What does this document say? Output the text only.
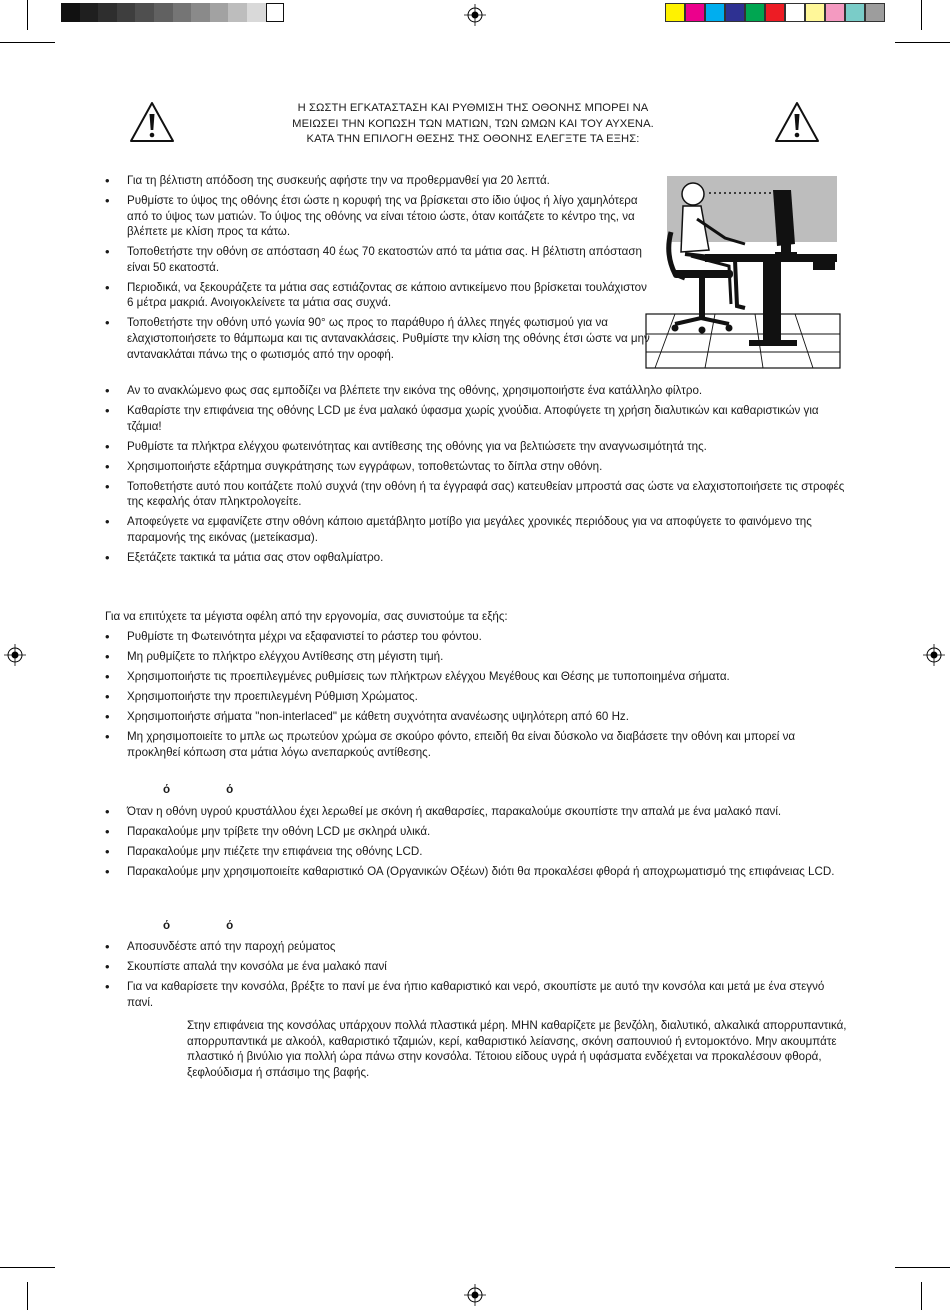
Η ΣΩΣΤΗ ΕΓΚΑΤΑΣΤΑΣΗ ΚΑΙ ΡΥΘΜΙΣΗ ΤΗΣ ΟΘΟΝΗΣ ΜΠΟΡΕΙ ΝΑ
ΜΕΙΩΣΕΙ ΤΗΝ ΚΟΠΩΣΗ ΤΩΝ ΜΑΤΙΩΝ, ΤΩΝ ΩΜΩΝ ΚΑΙ ΤΟΥ ΑΥΧΕΝΑ.
ΚΑΤΑ ΤΗΝ ΕΠΙΛΟΓΗ ΘΕΣΗΣ ΤΗΣ ΟΘΟΝΗΣ ΕΛΕΓΞΤΕ ΤΑ ΕΞΗΣ:
• Για τη βέλτιστη απόδοση της συσκευής αφήστε την να προθερμανθεί για 20 λεπτά.
• Ρυθμίστε το ύψος της οθόνης έτσι ώστε η κορυφή της να βρίσκεται στο ίδιο ύψος ή λίγο χαμηλότερα από το ύψος των ματιών. Το ύψος της οθόνης να είναι τέτοιο ώστε, όταν κοιτάζετε το κέντρο της, να βλέπετε με κλίση προς τα κάτω.
• Τοποθετήστε την οθόνη σε απόσταση 40 έως 70 εκατοστών από τα μάτια σας. Η βέλτιστη απόσταση είναι 50 εκατοστά.
• Περιοδικά, να ξεκουράζετε τα μάτια σας εστιάζοντας σε κάποιο αντικείμενο που βρίσκεται τουλάχιστον 6 μέτρα μακριά. Ανοιγοκλείνετε τα μάτια σας συχνά.
• Τοποθετήστε την οθόνη υπό γωνία 90° ως προς το παράθυρο ή άλλες πηγές φωτισμού για να ελαχιστοποιήσετε το θάμπωμα και τις αντανακλάσεις. Ρυθμίστε την κλίση της οθόνης έτσι ώστε να μην αντανακλάται πάνω της ο φωτισμός από την οροφή.
• Αν το ανακλώμενο φως σας εμποδίζει να βλέπετε την εικόνα της οθόνης, χρησιμοποιήστε ένα κατάλληλο φίλτρο.
• Καθαρίστε την επιφάνεια της οθόνης LCD με ένα μαλακό ύφασμα χωρίς χνούδια. Αποφύγετε τη χρήση διαλυτικών και καθαριστικών για τζάμια!
• Ρυθμίστε τα πλήκτρα ελέγχου φωτεινότητας και αντίθεσης της οθόνης για να βελτιώσετε την αναγνωσιμότητά της.
• Χρησιμοποιήστε εξάρτημα συγκράτησης των εγγράφων, τοποθετώντας το δίπλα στην οθόνη.
• Τοποθετήστε αυτό που κοιτάζετε πολύ συχνά (την οθόνη ή τα έγγραφά σας) κατευθείαν μπροστά σας ώστε να ελαχιστοποιήσετε τις στροφές της κεφαλής όταν πληκτρολογείτε.
• Αποφεύγετε να εμφανίζετε στην οθόνη κάποιο αμετάβλητο μοτίβο για μεγάλες χρονικές περιόδους για να αποφύγετε το φαινόμενο της παραμονής της εικόνας (μετείκασμα).
• Εξετάζετε τακτικά τα μάτια σας στον οφθαλμίατρο.
Για να επιτύχετε τα μέγιστα οφέλη από την εργονομία, σας συνιστούμε τα εξής:
• Ρυθμίστε τη Φωτεινότητα μέχρι να εξαφανιστεί το ράστερ του φόντου.
• Μη ρυθμίζετε το πλήκτρο ελέγχου Αντίθεσης στη μέγιστη τιμή.
• Χρησιμοποιήστε τις προεπιλεγμένες ρυθμίσεις των πλήκτρων ελέγχου Μεγέθους και Θέσης με τυποποιημένα σήματα.
• Χρησιμοποιήστε την προεπιλεγμένη Ρύθμιση Χρώματος.
• Χρησιμοποιήστε σήματα "non-interlaced" με κάθετη συχνότητα ανανέωσης υψηλότερη από 60 Hz.
• Μη χρησιμοποιείτε το μπλε ως πρωτεύον χρώμα σε σκούρο φόντο, επειδή θα είναι δύσκολο να διαβάσετε την οθόνη και μπορεί να προκληθεί κόπωση στα μάτια λόγω ανεπαρκούς αντίθεσης.
όό
• Όταν η οθόνη υγρού κρυστάλλου έχει λερωθεί με σκόνη ή ακαθαρσίες, παρακαλούμε σκουπίστε την απαλά με ένα μαλακό πανί.
• Παρακαλούμε μην τρίβετε την οθόνη LCD με σκληρά υλικά.
• Παρακαλούμε μην πιέζετε την επιφάνεια της οθόνης LCD.
• Παρακαλούμε μην χρησιμοποιείτε καθαριστικό ΟΑ (Οργανικών Οξέων) διότι θα προκαλέσει φθορά ή αποχρωματισμό της επιφάνειας LCD.
όό
• Αποσυνδέστε από την παροχή ρεύματος
• Σκουπίστε απαλά την κονσόλα με ένα μαλακό πανί
• Για να καθαρίσετε την κονσόλα, βρέξτε το πανί με ένα ήπιο καθαριστικό και νερό, σκουπίστε με αυτό την κονσόλα και μετά με ένα στεγνό πανί.
Στην επιφάνεια της κονσόλας υπάρχουν πολλά πλαστικά μέρη. ΜΗΝ καθαρίζετε με βενζόλη, διαλυτικό, αλκαλικά απορρυπαντικά, απορρυπαντικά με αλκοόλ, καθαριστικό τζαμιών, κερί, καθαριστικό λείανσης, σκόνη σαπουνιού ή εντομοκτόνο. Μην ακουμπάτε πλαστικό ή βινύλιο για πολλή ώρα πάνω στην κονσόλα. Τέτοιου είδους υγρά ή υφάσματα ενδέχεται να προκαλέσουν φθορά, ξεφλούδισμα ή σπάσιμο της βαφής.
